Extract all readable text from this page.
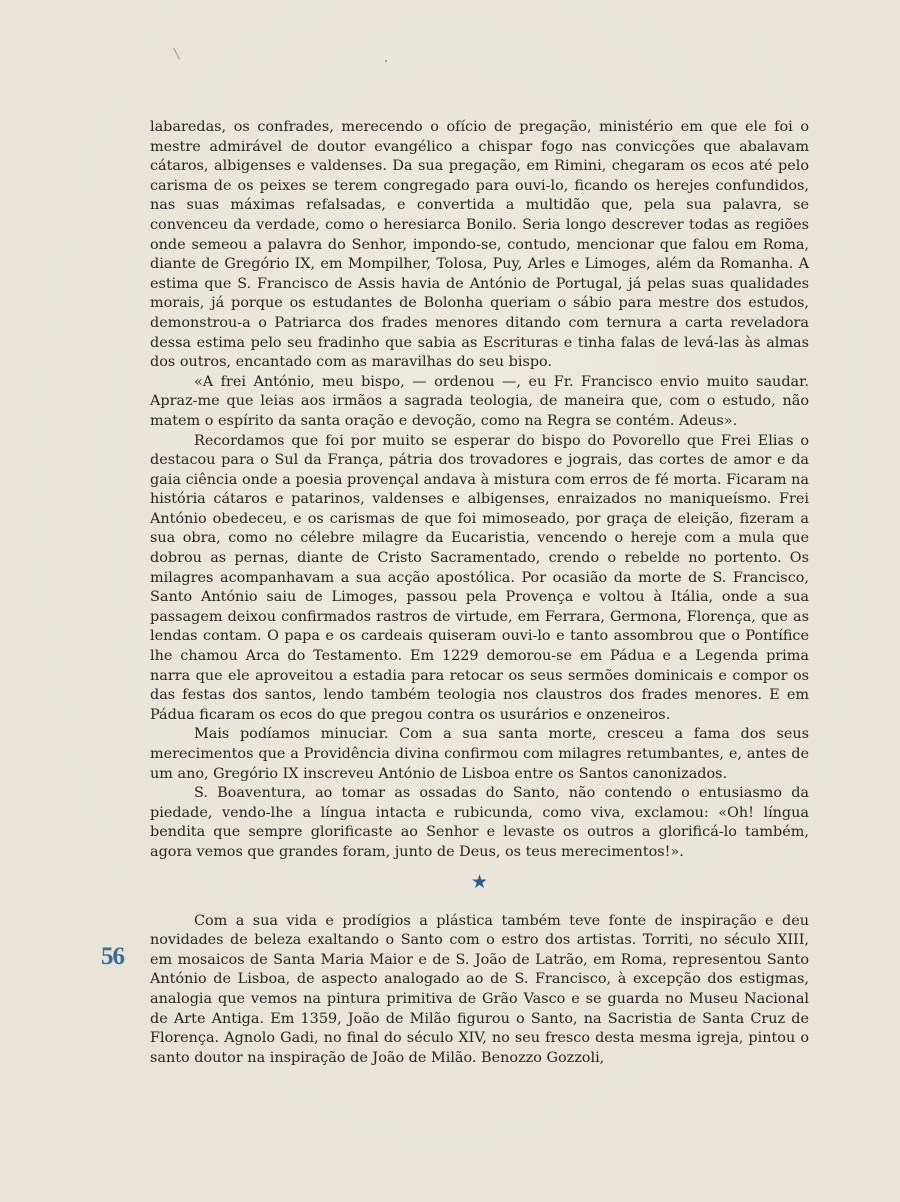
labaredas, os confrades, merecendo o ofício de pregação, ministério em que ele foi o mestre admirável de doutor evangélico a chispar fogo nas convicções que abalavam cátaros, albigenses e valdenses. Da sua pregação, em Rimini, chegaram os ecos até pelo carisma de os peixes se terem congregado para ouvi-lo, ficando os herejes confundidos, nas suas máximas refalsadas, e convertida a multidão que, pela sua palavra, se convenceu da verdade, como o heresiarca Bonilo. Seria longo descrever todas as regiões onde semeou a palavra do Senhor, impondo-se, contudo, mencionar que falou em Roma, diante de Gregório IX, em Mompilher, Tolosa, Puy, Arles e Limoges, além da Romanha. A estima que S. Francisco de Assis havia de António de Portugal, já pelas suas qualidades morais, já porque os estudantes de Bolonha queriam o sábio para mestre dos estudos, demonstrou-a o Patriarca dos frades menores ditando com ternura a carta reveladora dessa estima pelo seu fradinho que sabia as Escrituras e tinha falas de levá-las às almas dos outros, encantado com as maravilhas do seu bispo.

«A frei António, meu bispo, — ordenou —, eu Fr. Francisco envio muito saudar. Apraz-me que leias aos irmãos a sagrada teologia, de maneira que, com o estudo, não matem o espírito da santa oração e devoção, como na Regra se contém. Adeus».

Recordamos que foi por muito se esperar do bispo do Povorello que Frei Elias o destacou para o Sul da França, pátria dos trovadores e jograis, das cortes de amor e da gaia ciência onde a poesia provençal andava à mistura com erros de fé morta. Ficaram na história cátaros e patarinos, valdenses e albigenses, enraizados no maniqueísmo. Frei António obedeceu, e os carismas de que foi mimoseado, por graça de eleição, fizeram a sua obra, como no célebre milagre da Eucaristia, vencendo o hereje com a mula que dobrou as pernas, diante de Cristo Sacramentado, crendo o rebelde no portento. Os milagres acompanhavam a sua acção apostólica. Por ocasião da morte de S. Francisco, Santo António saiu de Limoges, passou pela Provença e voltou à Itália, onde a sua passagem deixou confirmados rastros de virtude, em Ferrara, Germona, Florença, que as lendas contam. O papa e os cardeais quiseram ouvi-lo e tanto assombrou que o Pontífice lhe chamou Arca do Testamento. Em 1229 demorou-se em Pádua e a Legenda prima narra que ele aproveitou a estadia para retocar os seus sermões dominicais e compor os das festas dos santos, lendo também teologia nos claustros dos frades menores. E em Pádua ficaram os ecos do que pregou contra os usurários e onzeneiros.

Mais podíamos minuciar. Com a sua santa morte, cresceu a fama dos seus merecimentos que a Providência divina confirmou com milagres retumbantes, e, antes de um ano, Gregório IX inscreveu António de Lisboa entre os Santos canonizados.

S. Boaventura, ao tomar as ossadas do Santo, não contendo o entusiasmo da piedade, vendo-lhe a língua intacta e rubicunda, como viva, exclamou: «Oh! língua bendita que sempre glorificaste ao Senhor e levaste os outros a glorificá-lo também, agora vemos que grandes foram, junto de Deus, os teus merecimentos!».

★

Com a sua vida e prodígios a plástica também teve fonte de inspiração e deu novidades de beleza exaltando o Santo com o estro dos artistas. Torriti, no século XIII, em mosaicos de Santa Maria Maior e de S. João de Latrão, em Roma, representou Santo António de Lisboa, de aspecto analogado ao de S. Francisco, à excepção dos estigmas, analogia que vemos na pintura primitiva de Grão Vasco e se guarda no Museu Nacional de Arte Antiga. Em 1359, João de Milão figurou o Santo, na Sacristia de Santa Cruz de Florença. Agnolo Gadi, no final do século XIV, no seu fresco desta mesma igreja, pintou o santo doutor na inspiração de João de Milão. Benozzo Gozzoli,

56
